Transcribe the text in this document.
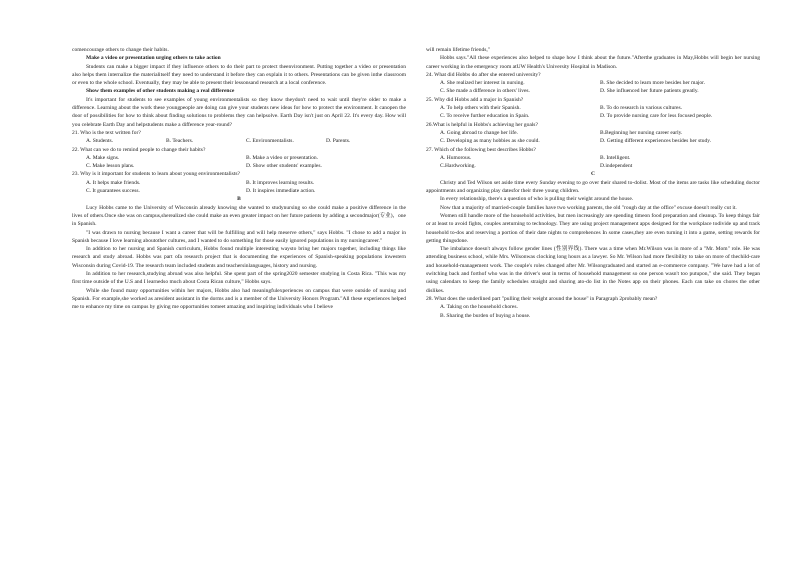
comencourage others to change their habits.

Make a video or presentation urging others to take action

Students can make a bigger impact if they influence others to do their part to protect theenvironment. Putting together a video or presentation also helps them internalize the materialitself they need to understand it before they can explain it to others. Presentations can be given inthe classroom or even to the whole school. Eventually, they may be able to present their lessonsand research at a local conference.

Show them examples of other students making a real difference

It's important for students to see examples of young environmentalists so they know theydon't need to wait until they're older to make a difference. Learning about the work these youngpeople are doing can give your students new ideas for how to protect the environment. It canopen the door of possibilities for how to think about finding solutions to problems they can helpsolve. Earth Day isn't just on April 22. It's every day. How will you celebrate Earth Day and helpstudents make a difference year-round?

21. Who is the text written for?

A. Students.	B. Teachers.	C. Environmentalists.	D. Parents.

22. What can we do to remind people to change their habits?

A. Make signs.	B. Make a video or presentation.
C. Make lesson plans.	D. Show other students' examples.

23. Why is it important for students to learn about young environmentalists?

A. It helps make friends.	B. It improves learning results.
C. It guarantees success.	D. It inspires immediate action.

B

Lucy Hobbs came to the University of Wisconsin already knowing she wanted to studynursing so she could make a positive difference in the lives of others.Once she was on campus,sherealized she could make an even greater impact on her future patients by adding a secondmajor(专业)，one in Spanish.

"I was drawn to nursing because I want a career that will be fulfilling and will help meserve others," says Hobbs. "I chose to add a major in Spanish because I love learning aboutother cultures, and I wanted to do something for those easily ignored populations in my nursingcareer."

In addition to her nursing and Spanish curriculum, Hobbs found multiple interesting waysto bring her majors together, including things like research and study abroad. Hobbs was part ofa research project that is documenting the experiences of Spanish-speaking populations inwestern Wisconsin during Covid-19. The research team included students and teachersinlanguages, history and nursing.

In addition to her research,studying abroad was also helpful. She spent part of the spring2020 semester studying in Costa Rica. "This was my first time outside of the U.S and I learnedso much about Costa Rican culture," Hobbs says.

While she found many opportunities within her majors, Hobbs also had meaningfulexperiences on campus that were outside of nursing and Spanish. For example,she worked as aresident assistant in the dorms and is a member of the University Honors Program."All these experiences helped me to enhance my time on campus by giving me opportunities tomeet amazing and inspiring individuals who I believe

will remain lifetime friends,"

Hobbs says."All these experiences also helped to shape how I think about the future."Afterthe graduates in May,Hobbs will begin her nursing career working in the emergency room atUW Health's University Hospital in Madison.

24. What did Hobbs do after she entered university?

A. She realized her interest in nursing.	B. She decided to learn more besides her major.
C. She made a difference in others' lives.	D. She influenced her future patients greatly.

25. Why did Hobbs add a major in Spanish?

A. To help others with their Spanish.	B. To do research in various cultures.
C. To receive further education in Spain.	D. To provide nursing care for less focused people.

26.What is helpful in Hobbs's achieving her goals?

A. Going abroad to change her life.	B.Beginning her nursing career early.
C. Developing as many hobbies as she could.	D. Getting different experiences besides her study.

27. Which of the following best describes Hobbs?

A. Humorous.	B. Intelligent.
C.Hardworking.	D.independent

C

Christy and Ted Wilson set aside time every Sunday evening to go over their shared to-dolist. Most of the items are tasks like scheduling doctor appointments and organizing play datesfor their three young children.

In every relationship, there's a question of who is pulling their weight around the house.

Now that a majority of married-couple families have two working parents, the old "rough day at the office" excuse doesn't really cut it.

Women still handle more of the household activities, but men increasingly are spending timeon food preparation and cleanup. To keep things fair or at least to avoid fights, couples areturning to technology. They are using project management apps designed for the workplace todivide up and track household to-dos and reserving a portion of their date nights to comprehences In some cases,they are even turning it into a game, setting rewards for getting thingsdone.

The imbalance doesn't always follow gender lines (性别界线). There was a time when Mr.Wilson was in more of a "Mr. Mom" role. He was attending business school, while Mrs. Wilsonwas clocking long hours as a lawyer. So Mr. Wilson had more flexibility to take on more of thechild-care and household-management work. The couple's roles changed after Mr. Wilsongraduated and started an e-commerce company. "We have had a lot of switching back and forthof who was in the driver's seat in terms of household management so one person wasn't too putupon," she said. They began using calendars to keep the family schedules straight and sharing ato-do list in the Notes app on their phones. Each can take on chores the other dislikes.

28. What does the underlined part "pulling their weight around the house" in Paragraph 2probably mean?

A. Taking on the household chores.
B. Sharing the burden of buying a house.
